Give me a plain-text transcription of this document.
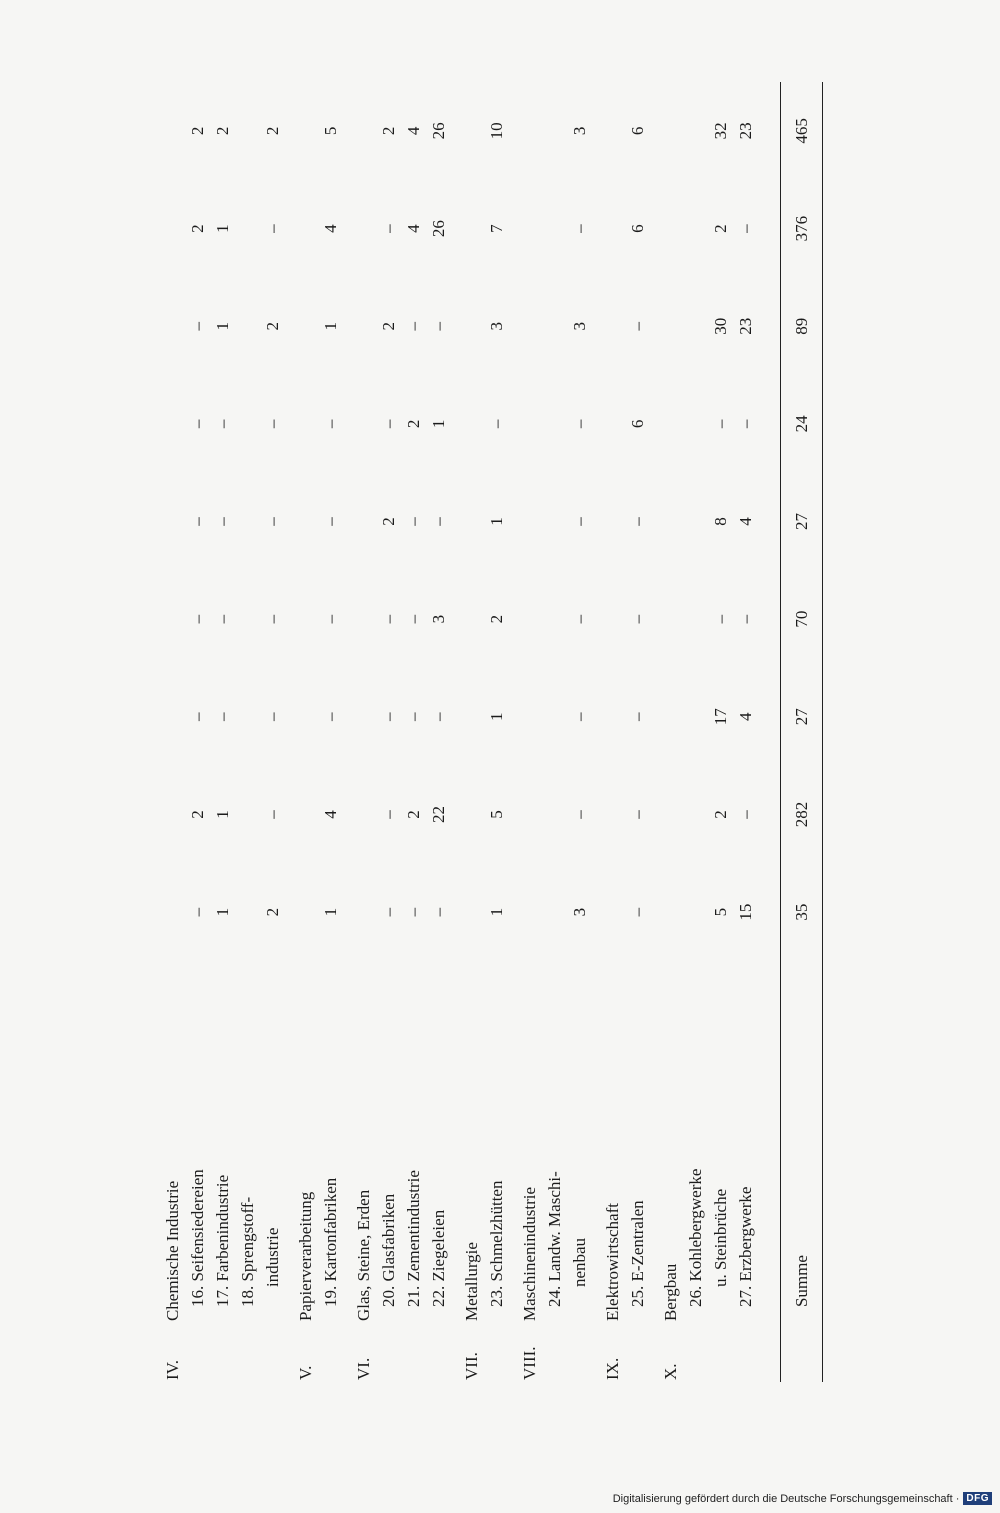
IV.	Chemische Industrie									
	16. Seifensiedereien	–	2	–	–	–	–	–	2	2
	17. Farbenindustrie	1	1	–	–	–	–	1	1	2
	18. Sprengstoff-									
	industrie	2	–	–	–	–	–	2	–	2

V.	Papierverarbeitung									
	19. Kartonfabriken	1	4	–	–	–	–	1	4	5

VI.	Glas, Steine, Erden									
	20. Glasfabriken	–	–	–	–	2	–	2	–	2
	21. Zementindustrie	–	2	–	–	–	2	–	4	4
	22. Ziegeleien	–	22	–	3	–	1	–	26	26

VII.	Metallurgie									
	23. Schmelzhütten	1	5	1	2	1	–	3	7	10

VIII.	Maschinenindustrie									
	24. Landw. Maschi-									
	nenbau	3	–	–	–	–	–	3	–	3

IX.	Elektrowirtschaft									
	25. E-Zentralen	–	–	–	–	–	6	–	6	6

X.	Bergbau									
	26. Kohlebergwerke									
	u. Steinbrüche	5	2	17	–	8	–	30	2	32
	27. Erzbergwerke	15	–	4	–	4	–	23	–	23

	Summe	35	282	27	70	27	24	89	376	465

Digitalisierung gefördert durch die Deutsche Forschungsgemeinschaft · DFG
